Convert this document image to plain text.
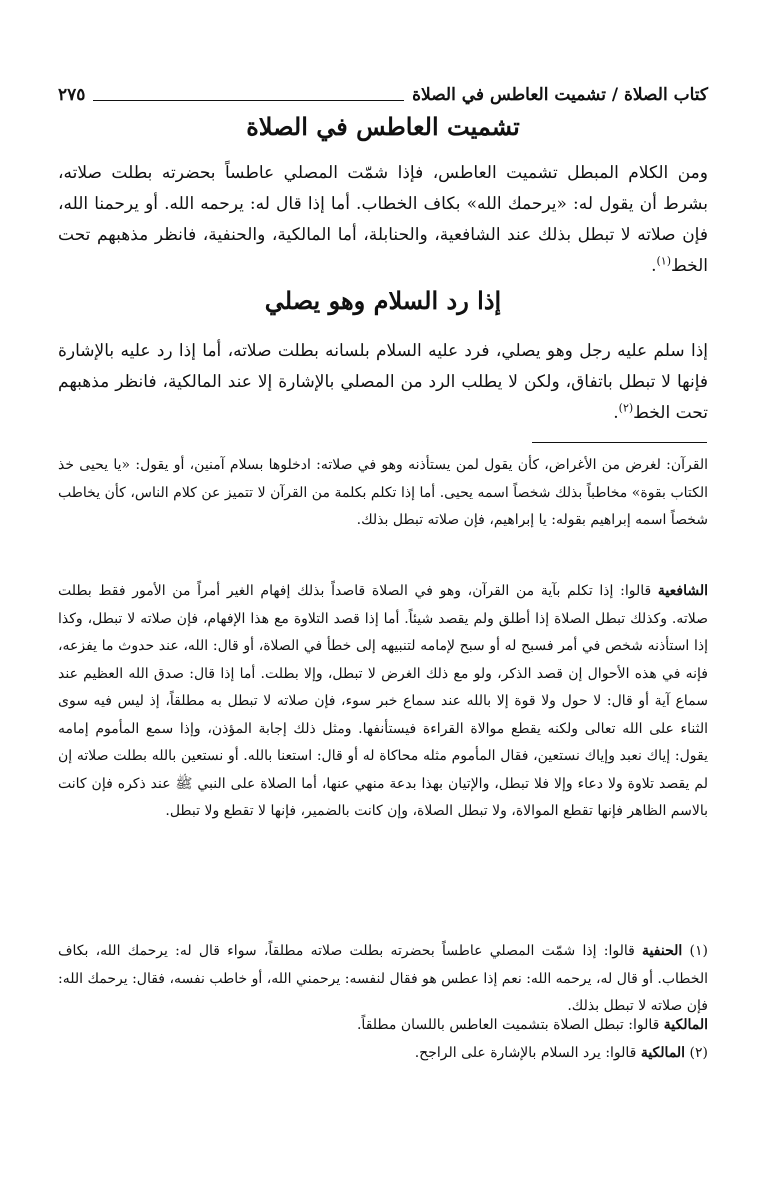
كتاب الصلاة / تشميت العاطس في الصلاة
٢٧٥
تشميت العاطس في الصلاة

ومن الكلام المبطل تشميت العاطس، فإذا شمّت المصلي عاطساً بحضرته بطلت صلاته، بشرط أن يقول له: «يرحمك الله» بكاف الخطاب. أما إذا قال له: يرحمه الله. أو يرحمنا الله، فإن صلاته لا تبطل بذلك عند الشافعية، والحنابلة، أما المالكية، والحنفية، فانظر مذهبهم تحت الخط$^{(١)}$.

إذا رد السلام وهو يصلي

إذا سلم عليه رجل وهو يصلي، فرد عليه السلام بلسانه بطلت صلاته، أما إذا رد عليه بالإشارة فإنها لا تبطل باتفاق، ولكن لا يطلب الرد من المصلي بالإشارة إلا عند المالكية، فانظر مذهبهم تحت الخط$^{(٢)}$.

القرآن: لغرض من الأغراض، كأن يقول لمن يستأذنه وهو في صلاته: ادخلوها بسلام آمنين، أو يقول: «يا يحيى خذ الكتاب بقوة» مخاطباً بذلك شخصاً اسمه يحيى. أما إذا تكلم بكلمة من القرآن لا تتميز عن كلام الناس، كأن يخاطب شخصاً اسمه إبراهيم بقوله: يا إبراهيم، فإن صلاته تبطل بذلك.

الشافعية قالوا: إذا تكلم بآية من القرآن، وهو في الصلاة قاصداً بذلك إفهام الغير أمراً من الأمور فقط بطلت صلاته. وكذلك تبطل الصلاة إذا أطلق ولم يقصد شيئاً. أما إذا قصد التلاوة مع هذا الإفهام، فإن صلاته لا تبطل، وكذا إذا استأذنه شخص في أمر فسبح له أو سبح لإمامه لتنبيهه إلى خطأ في الصلاة، أو قال: الله، عند حدوث ما يفزعه، فإنه في هذه الأحوال إن قصد الذكر، ولو مع ذلك الغرض لا تبطل، وإلا بطلت. أما إذا قال: صدق الله العظيم عند سماع آية أو قال: لا حول ولا قوة إلا بالله عند سماع خبر سوء، فإن صلاته لا تبطل به مطلقاً، إذ ليس فيه سوى الثناء على الله تعالى ولكنه يقطع موالاة القراءة فيستأنفها. ومثل ذلك إجابة المؤذن، وإذا سمع المأموم إمامه يقول: إياك نعبد وإياك نستعين، فقال المأموم مثله محاكاة له أو قال: استعنا بالله. أو نستعين بالله بطلت صلاته إن لم يقصد تلاوة ولا دعاء وإلا فلا تبطل، والإتيان بهذا بدعة منهي عنها، أما الصلاة على النبي ﷺ عند ذكره فإن كانت بالاسم الظاهر فإنها تقطع الموالاة، ولا تبطل الصلاة، وإن كانت بالضمير، فإنها لا تقطع ولا تبطل.

(١) الحنفية قالوا: إذا شمّت المصلي عاطساً بحضرته بطلت صلاته مطلقاً، سواء قال له: يرحمك الله، بكاف الخطاب. أو قال له، يرحمه الله: نعم إذا عطس هو فقال لنفسه: يرحمني الله، أو خاطب نفسه، فقال: يرحمك الله: فإن صلاته لا تبطل بذلك.

المالكية قالوا: تبطل الصلاة بتشميت العاطس باللسان مطلقاً.

(٢) المالكية قالوا: يرد السلام بالإشارة على الراجح.
